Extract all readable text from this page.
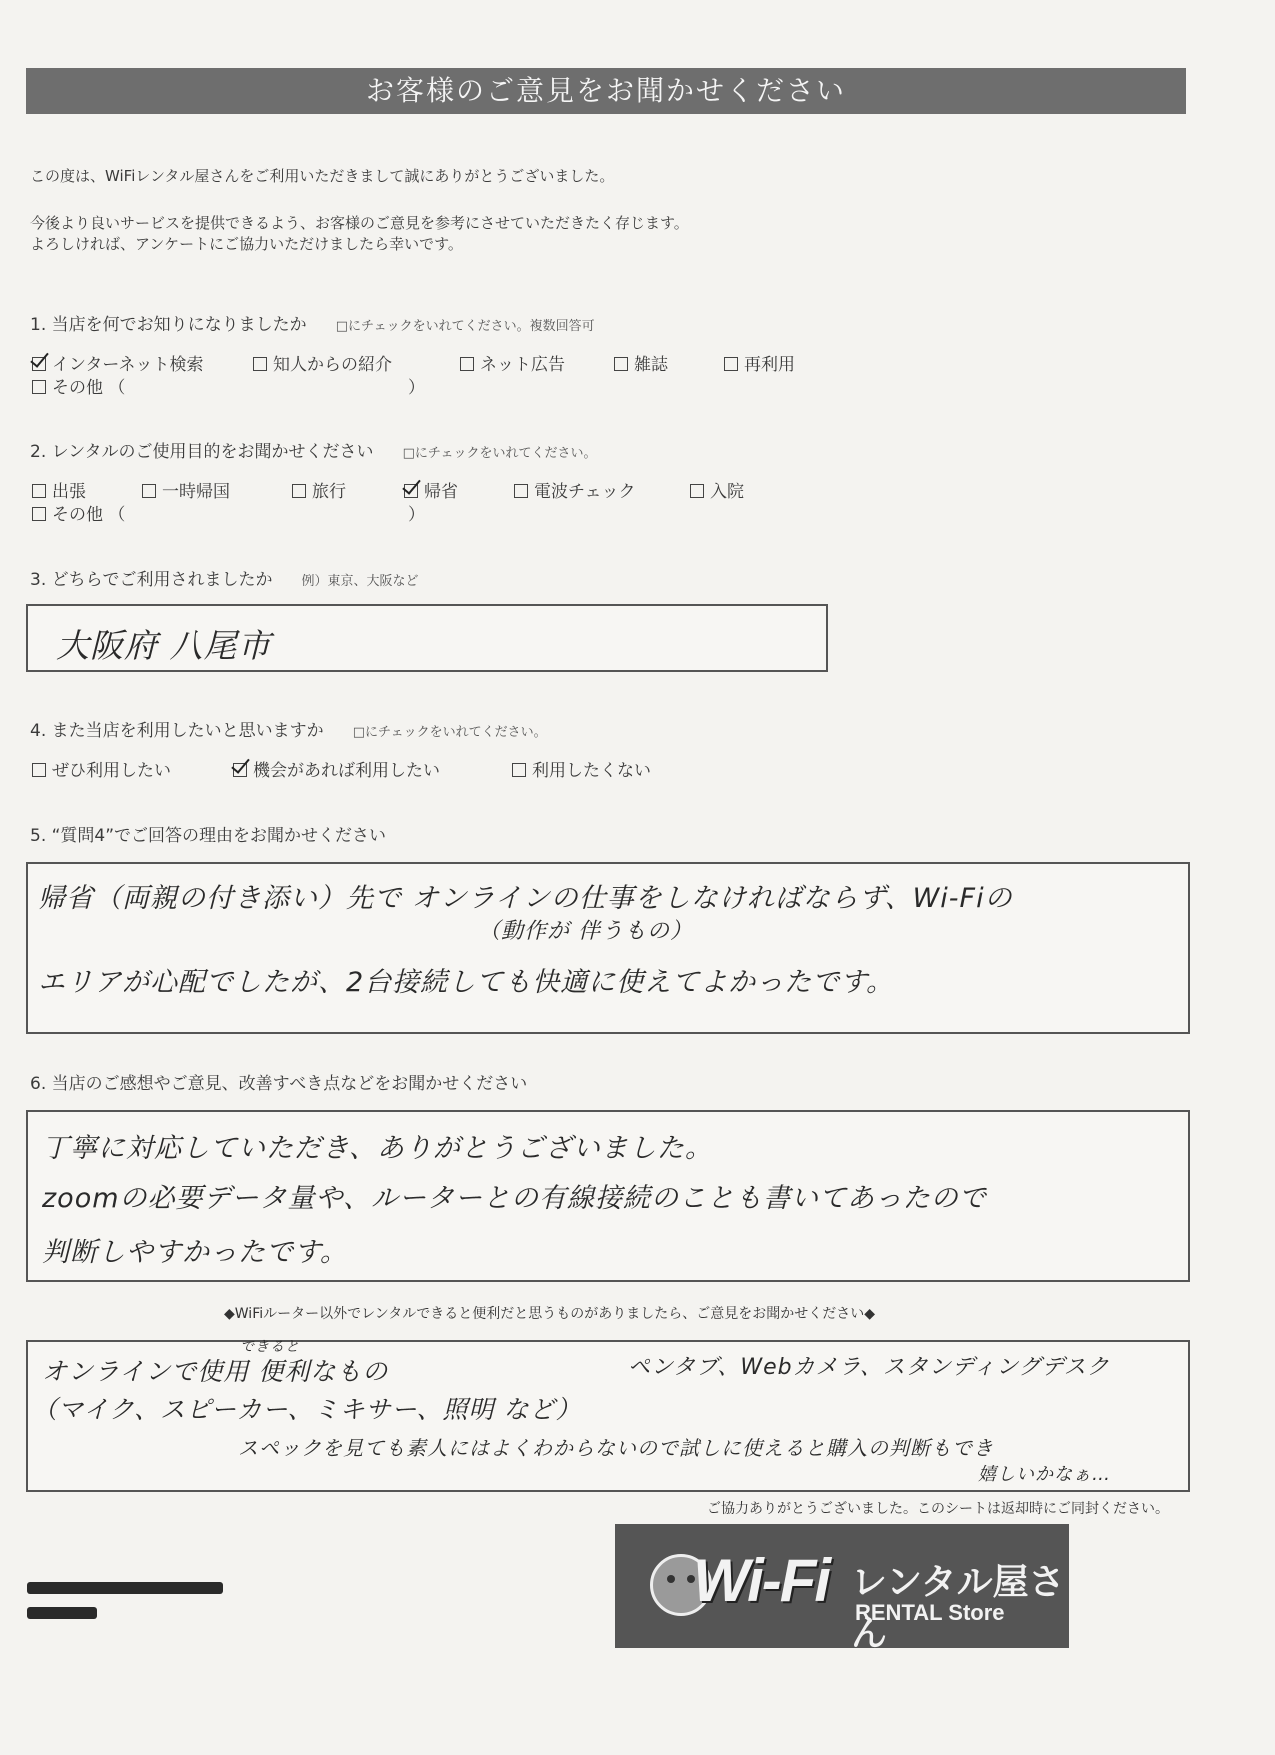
お客様のご意見をお聞かせください
この度は、WiFiレンタル屋さんをご利用いただきまして誠にありがとうございました。
今後より良いサービスを提供できるよう、お客様のご意見を参考にさせていただきたく存じます。
よろしければ、アンケートにご協力いただけましたら幸いです。
1. 当店を何でお知りになりましたか □にチェックをいれてください。複数回答可
インターネット検索	知人からの紹介	ネット広告	雑誌	再利用
その他 （	）
2. レンタルのご使用目的をお聞かせください □にチェックをいれてください。
出張	一時帰国	旅行	帰省	電波チェック	入院
その他 （	）
3. どちらでご利用されましたか 例）東京、大阪など
大阪府 八尾市
4. また当店を利用したいと思いますか □にチェックをいれてください。
ぜひ利用したい	機会があれば利用したい	利用したくない
5. “質問4”でご回答の理由をお聞かせください
帰省（両親の付き添い）先で オンラインの仕事をしなければならず、Wi-Fiの
（動作が 伴うもの）
エリアが心配でしたが、2台接続しても快適に使えてよかったです。
6. 当店のご感想やご意見、改善すべき点などをお聞かせください
丁寧に対応していただき、ありがとうございました。
zoomの必要データ量や、ルーターとの有線接続のことも書いてあったので
判断しやすかったです。
◆WiFiルーター以外でレンタルできると便利だと思うものがありましたら、ご意見をお聞かせください◆
できると
オンラインで使用 便利なもの	ペンタブ、Webカメラ、スタンディングデスク
（マイク、スピーカー、ミキサー、照明 など）
スペックを見ても素人にはよくわからないので試しに使えると購入の判断もでき
嬉しいかなぁ…
ご協力ありがとうございました。このシートは返却時にご同封ください。
Wi-Fi レンタル屋さん
RENTAL Store
